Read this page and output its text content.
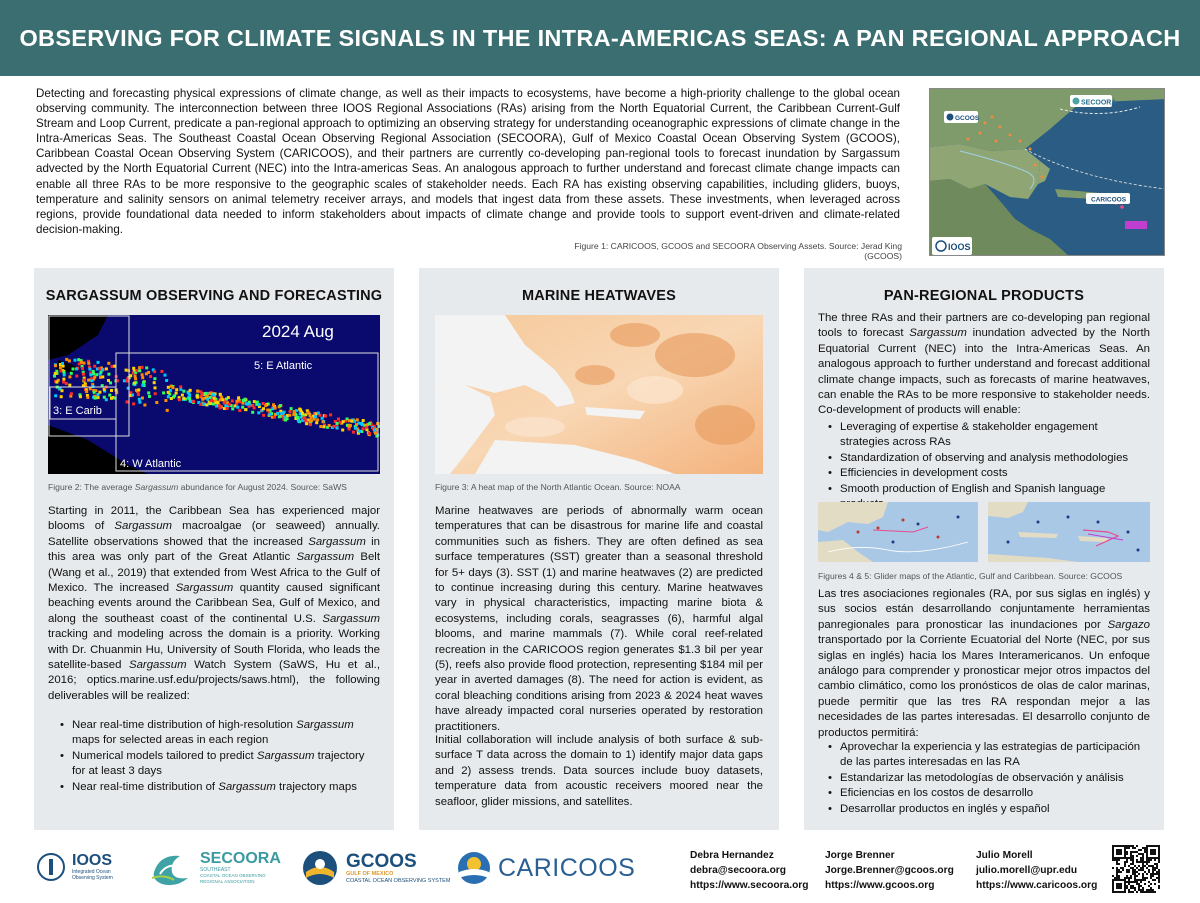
OBSERVING FOR CLIMATE SIGNALS IN THE INTRA-AMERICAS SEAS: A PAN REGIONAL APPROACH

Detecting and forecasting physical expressions of climate change, as well as their impacts to ecosystems, have become a high-priority challenge to the global ocean observing community. The interconnection between three IOOS Regional Associations (RAs) arising from the North Equatorial Current, the Caribbean Current-Gulf Stream and Loop Current, predicate a pan-regional approach to optimizing an observing strategy for understanding oceanographic expressions of climate change in the Intra-Americas Seas. The Southeast Coastal Ocean Observing Regional Association (SECOORA), Gulf of Mexico Coastal Ocean Observing System (GCOOS), Caribbean Coastal Ocean Observing System (CARICOOS), and their partners are currently co-developing pan-regional tools to forecast inundation by Sargassum advected by the North Equatorial Current (NEC) into the Intra-americas Seas. An analogous approach to further understand and forecast climate change impacts can enable all three RAs to be more responsive to the geographic scales of stakeholder needs. Each RA has existing observing capabilities, including gliders, buoys, temperature and salinity sensors on animal telemetry receiver arrays, and models that ingest data from these assets. These investments, when leveraged across regions, provide foundational data needed to inform stakeholders about impacts of climate change and provide tools to support event-driven and climate-related decision-making.

Figure 1: CARICOOS, GCOOS and SECOORA Observing Assets. Source: Jerad King (GCOOS)
SECOORA
GCOOS
CARICOOS
IOOS
SARGASSUM OBSERVING AND FORECASTING
2024 Aug
5: E Atlantic
3: E Carib
4: W Atlantic
Figure 2: The average Sargassum abundance for August 2024. Source: SaWS

Starting in 2011, the Caribbean Sea has experienced major blooms of Sargassum macroalgae (or seaweed) annually. Satellite observations showed that the increased Sargassum in this area was only part of the Great Atlantic Sargassum Belt (Wang et al., 2019) that extended from West Africa to the Gulf of Mexico. The increased Sargassum quantity caused significant beaching events around the Caribbean Sea, Gulf of Mexico, and along the southeast coast of the continental U.S. Sargassum tracking and modeling across the domain is a priority. Working with Dr. Chuanmin Hu, University of South Florida, who leads the satellite-based Sargassum Watch System (SaWS, Hu et al., 2016; optics.marine.usf.edu/projects/saws.html), the following deliverables will be realized:

• Near real-time distribution of high-resolution Sargassum maps for selected areas in each region
• Numerical models tailored to predict Sargassum trajectory for at least 3 days
• Near real-time distribution of Sargassum trajectory maps
MARINE HEATWAVES
Figure 3: A heat map of the North Atlantic Ocean. Source: NOAA

Marine heatwaves are periods of abnormally warm ocean temperatures that can be disastrous for marine life and coastal communities such as fishers. They are often defined as sea surface temperatures (SST) greater than a seasonal threshold for 5+ days (3). SST (1) and marine heatwaves (2) are predicted to continue increasing during this century. Marine heatwaves vary in physical characteristics, impacting marine biota & ecosystems, including corals, seagrasses (6), harmful algal blooms, and marine mammals (7). While coral reef-related recreation in the CARICOOS region generates $1.3 bil per year (5), reefs also provide flood protection, representing $184 mil per year in averted damages (8). The need for action is evident, as coral bleaching conditions arising from 2023 & 2024 heat waves have already impacted coral nurseries operated by restoration practitioners.

Initial collaboration will include analysis of both surface & sub-surface T data across the domain to 1) identify major data gaps and 2) assess trends. Data sources include buoy datasets, temperature data from acoustic receivers moored near the seafloor, glider missions, and satellites.

PAN-REGIONAL PRODUCTS

The three RAs and their partners are co-developing pan regional tools to forecast Sargassum inundation advected by the North Equatorial Current (NEC) into the Intra-Americas Seas. An analogous approach to further understand and forecast additional climate change impacts, such as forecasts of marine heatwaves, can enable the RAs to be more responsive to stakeholder needs. Co-development of products will enable:

• Leveraging of expertise & stakeholder engagement strategies across RAs
• Standardization of observing and analysis methodologies
• Efficiencies in development costs
• Smooth production of English and Spanish language
Figures 4 & 5: Glider maps of the Atlantic, Gulf and Caribbean. Source: GCOOS

Las tres asociaciones regionales (RA, por sus siglas en inglés) y sus socios están desarrollando conjuntamente herramientas panregionales para pronosticar las inundaciones por Sargazo transportado por la Corriente Ecuatorial del Norte (NEC, por sus siglas en inglés) hacia los Mares Interamericanos. Un enfoque análogo para comprender y pronosticar mejor otros impactos del cambio climático, como los pronósticos de olas de calor marinas, puede permitir que las tres RA respondan mejor a las necesidades de las partes interesadas. El desarrollo conjunto de productos permitirá:

• Aprovechar la experiencia y las estrategias de participación de las partes interesadas en las RA
• Estandarizar las metodologías de observación y análisis
• Eficiencias en los costos de desarrollo
• Desarrollar productos en inglés y español
IOOS
Integrated Ocean Observing System
SECOORA
SOUTHEAST
COASTAL OCEAN OBSERVING REGIONAL ASSOCIATION
GCOOS
GULF OF MEXICO
COASTAL OCEAN OBSERVING SYSTEM CARICOOS	Debra Hernandez
debra@secoora.org
https://www.secoora.org
Jorge Brenner
Jorge.Brenner@gcoos.org
https://www.gcoos.org
Julio Morell
julio.morell@upr.edu
https://www.caricoos.org
